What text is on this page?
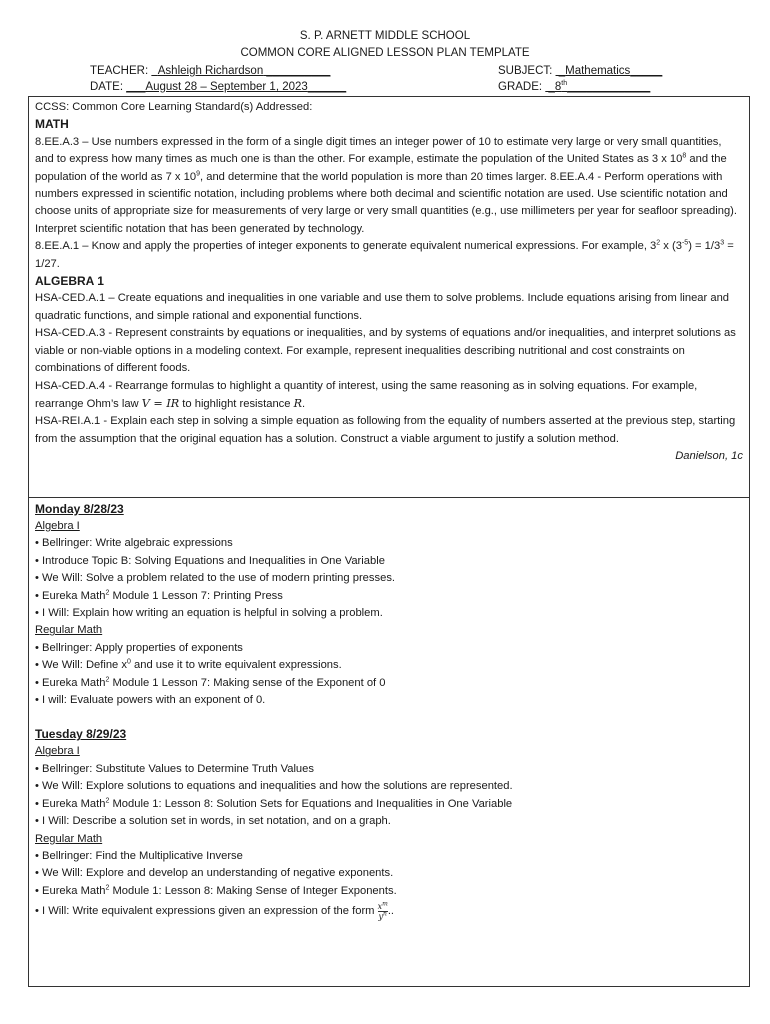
S. P. ARNETT MIDDLE SCHOOL
COMMON CORE ALIGNED LESSON PLAN TEMPLATE
TEACHER: Ashleigh Richardson __________
DATE: ___August 28 – September 1, 2023______
SUBJECT:  _Mathematics_____
GRADE:  _8th_____________

CCSS: Common Core Learning Standard(s) Addressed:

MATH

8.EE.A.3 – Use numbers expressed in the form of a single digit times an integer power of 10 to estimate very large or very small quantities, and to express how many times as much one is than the other. For example, estimate the population of the United States as 3 x $10^8$ and the population of the world as 7 x $10^9$, and determine that the world population is more than 20 times larger. 8.EE.A.4 - Perform operations with numbers expressed in scientific notation, including problems where both decimal and scientific notation are used. Use scientific notation and choose units of appropriate size for measurements of very large or very small quantities (e.g., use millimeters per year for seafloor spreading). Interpret scientific notation that has been generated by technology.

8.EE.A.1 – Know and apply the properties of integer exponents to generate equivalent numerical expressions. For example, $3^2$ x $(3^{-5}) = 1/3^3 = 1/27$.

ALGEBRA 1

HSA-CED.A.1 – Create equations and inequalities in one variable and use them to solve problems. Include equations arising from linear and quadratic functions, and simple rational and exponential functions.

HSA-CED.A.3 - Represent constraints by equations or inequalities, and by systems of equations and/or inequalities, and interpret solutions as viable or non-viable options in a modeling context. For example, represent inequalities describing nutritional and cost constraints on combinations of different foods.

HSA-CED.A.4 - Rearrange formulas to highlight a quantity of interest, using the same reasoning as in solving equations. For example, rearrange Ohm’s law V = IR to highlight resistance R.

HSA-REI.A.1 - Explain each step in solving a simple equation as following from the equality of numbers asserted at the previous step, starting from the assumption that the original equation has a solution. Construct a viable argument to justify a solution method.

Danielson, 1c

Monday 8/28/23

Algebra I

• Bellringer: Write algebraic expressions

• Introduce Topic B: Solving Equations and Inequalities in One Variable

• We Will: Solve a problem related to the use of modern printing presses.

• Eureka Math$^2$ Module 1 Lesson 7: Printing Press

• I Will: Explain how writing an equation is helpful in solving a problem.

Regular Math

• Bellringer: Apply properties of exponents

• We Will: Define $x^0$ and use it to write equivalent expressions.

• Eureka Math$^2$ Module 1 Lesson 7: Making sense of the Exponent of 0

• I will: Evaluate powers with an exponent of 0.

Tuesday 8/29/23

Algebra I

• Bellringer: Substitute Values to Determine Truth Values

• We Will: Explore solutions to equations and inequalities and how the solutions are represented.

• Eureka Math$^2$ Module 1: Lesson 8: Solution Sets for Equations and Inequalities in One Variable

• I Will: Describe a solution set in words, in set notation, and on a graph.

Regular Math

• Bellringer: Find the Multiplicative Inverse

• We Will: Explore and develop an understanding of negative exponents.

• Eureka Math$^2$ Module 1: Lesson 8: Making Sense of Integer Exponents.

• I Will: Write equivalent expressions given an expression of the form $\frac{x^m}{y^n}$ ..
